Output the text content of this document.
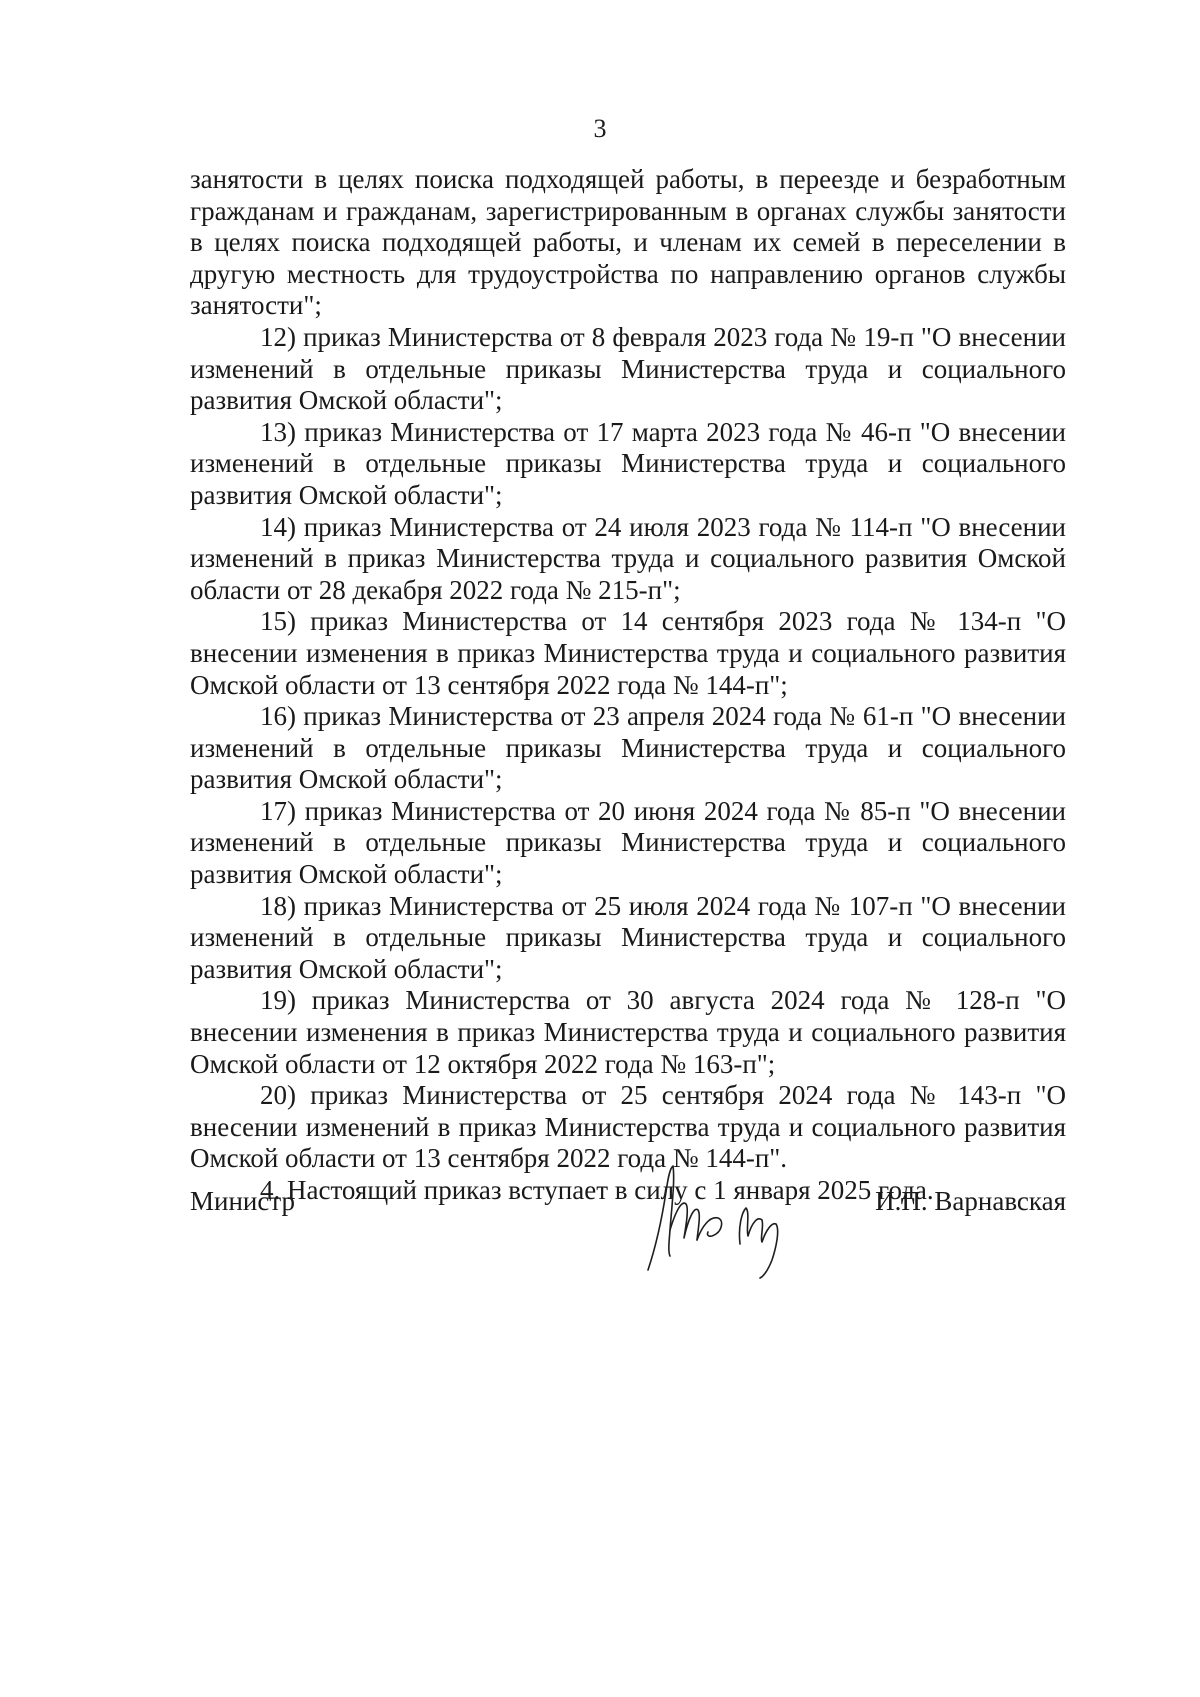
3

занятости в целях поиска подходящей работы, в переезде и безработным гражданам и гражданам, зарегистрированным в органах службы занятости в целях поиска подходящей работы, и членам их семей в переселении в другую местность для трудоустройства по направлению органов службы занятости";

12) приказ Министерства от 8 февраля 2023 года № 19-п "О внесении изменений в отдельные приказы Министерства труда и социального развития Омской области";

13) приказ Министерства от 17 марта 2023 года № 46-п "О внесении изменений в отдельные приказы Министерства труда и социального развития Омской области";

14) приказ Министерства от 24 июля 2023 года № 114-п "О внесении изменений в приказ Министерства труда и социального развития Омской области от 28 декабря 2022 года № 215-п";

15) приказ Министерства от 14 сентября 2023 года № 134-п "О внесении изменения в приказ Министерства труда и социального развития Омской области от 13 сентября 2022 года № 144-п";

16) приказ Министерства от 23 апреля 2024 года № 61-п "О внесении изменений в отдельные приказы Министерства труда и социального развития Омской области";

17) приказ Министерства от 20 июня 2024 года № 85-п "О внесении изменений в отдельные приказы Министерства труда и социального развития Омской области";

18) приказ Министерства от 25 июля 2024 года № 107-п "О внесении изменений в отдельные приказы Министерства труда и социального развития Омской области";

19) приказ Министерства от 30 августа 2024 года № 128-п "О внесении изменения в приказ Министерства труда и социального развития Омской области от 12 октября 2022 года № 163-п";

20) приказ Министерства от 25 сентября 2024 года № 143-п "О внесении изменений в приказ Министерства труда и социального развития Омской области от 13 сентября 2022 года № 144-п".

4. Настоящий приказ вступает в силу с 1 января 2025 года.

Министр	И.П. Варнавская
